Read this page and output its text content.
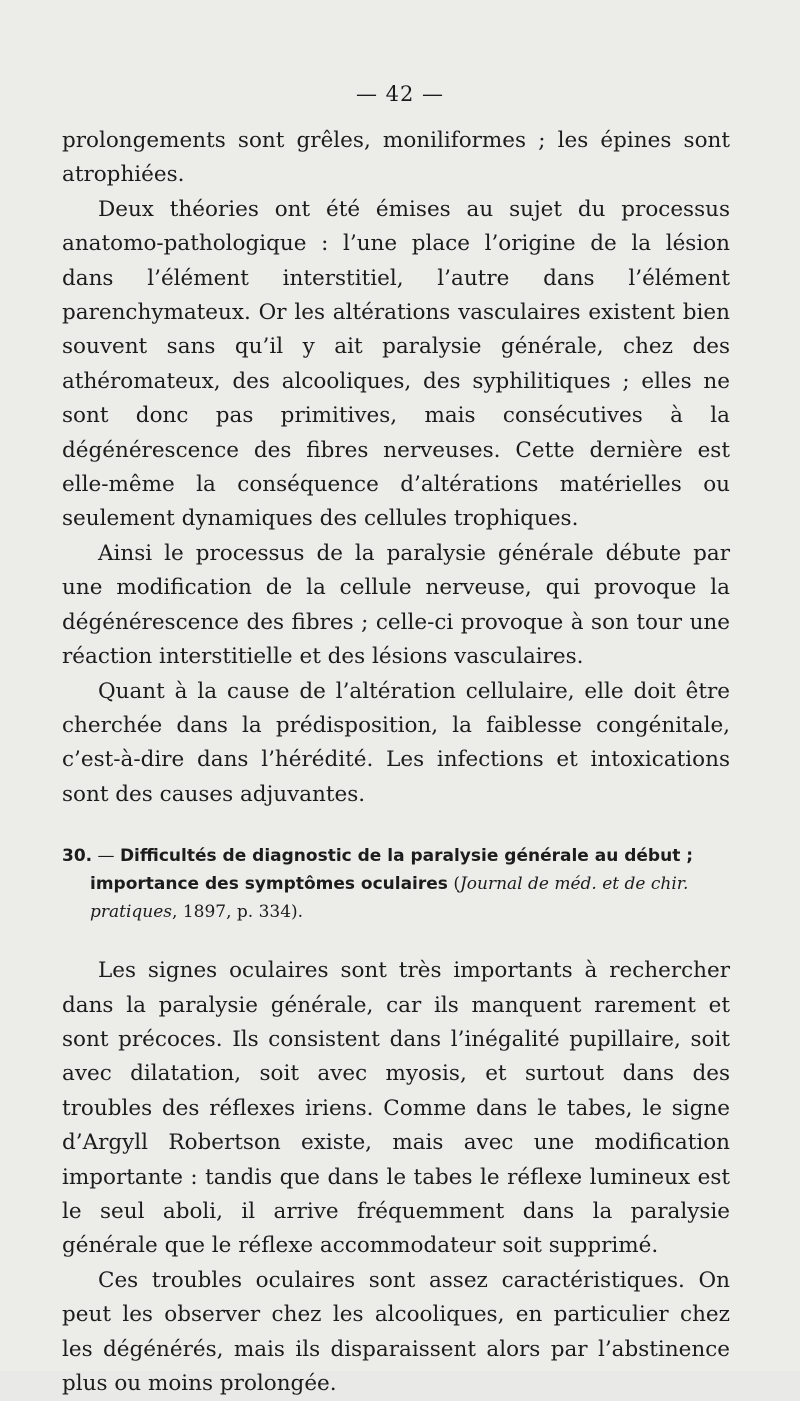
— 42 —

prolongements sont grêles, moniliformes ; les épines sont atrophiées.

Deux théories ont été émises au sujet du processus anatomo-pathologique : l’une place l’origine de la lésion dans l’élément interstitiel, l’autre dans l’élément parenchymateux. Or les altérations vasculaires existent bien souvent sans qu’il y ait paralysie générale, chez des athéromateux, des alcooliques, des syphilitiques ; elles ne sont donc pas primitives, mais consécutives à la dégénérescence des fibres nerveuses. Cette dernière est elle-même la conséquence d’altérations matérielles ou seulement dynamiques des cellules trophiques.

Ainsi le processus de la paralysie générale débute par une modification de la cellule nerveuse, qui provoque la dégénérescence des fibres ; celle-ci provoque à son tour une réaction interstitielle et des lésions vasculaires.

Quant à la cause de l’altération cellulaire, elle doit être cherchée dans la prédisposition, la faiblesse congénitale, c’est-à-dire dans l’hérédité. Les infections et intoxications sont des causes adjuvantes.

30. — Difficultés de diagnostic de la paralysie générale au début ; importance des symptômes oculaires (Journal de méd. et de chir. pratiques, 1897, p. 334).

Les signes oculaires sont très importants à rechercher dans la paralysie générale, car ils manquent rarement et sont précoces. Ils consistent dans l’inégalité pupillaire, soit avec dilatation, soit avec myosis, et surtout dans des troubles des réflexes iriens. Comme dans le tabes, le signe d’Argyll Robertson existe, mais avec une modification importante : tandis que dans le tabes le réflexe lumineux est le seul aboli, il arrive fréquemment dans la paralysie générale que le réflexe accommodateur soit supprimé.

Ces troubles oculaires sont assez caractéristiques. On peut les observer chez les alcooliques, en particulier chez les dégénérés, mais ils disparaissent alors par l’abstinence plus ou moins prolongée.
